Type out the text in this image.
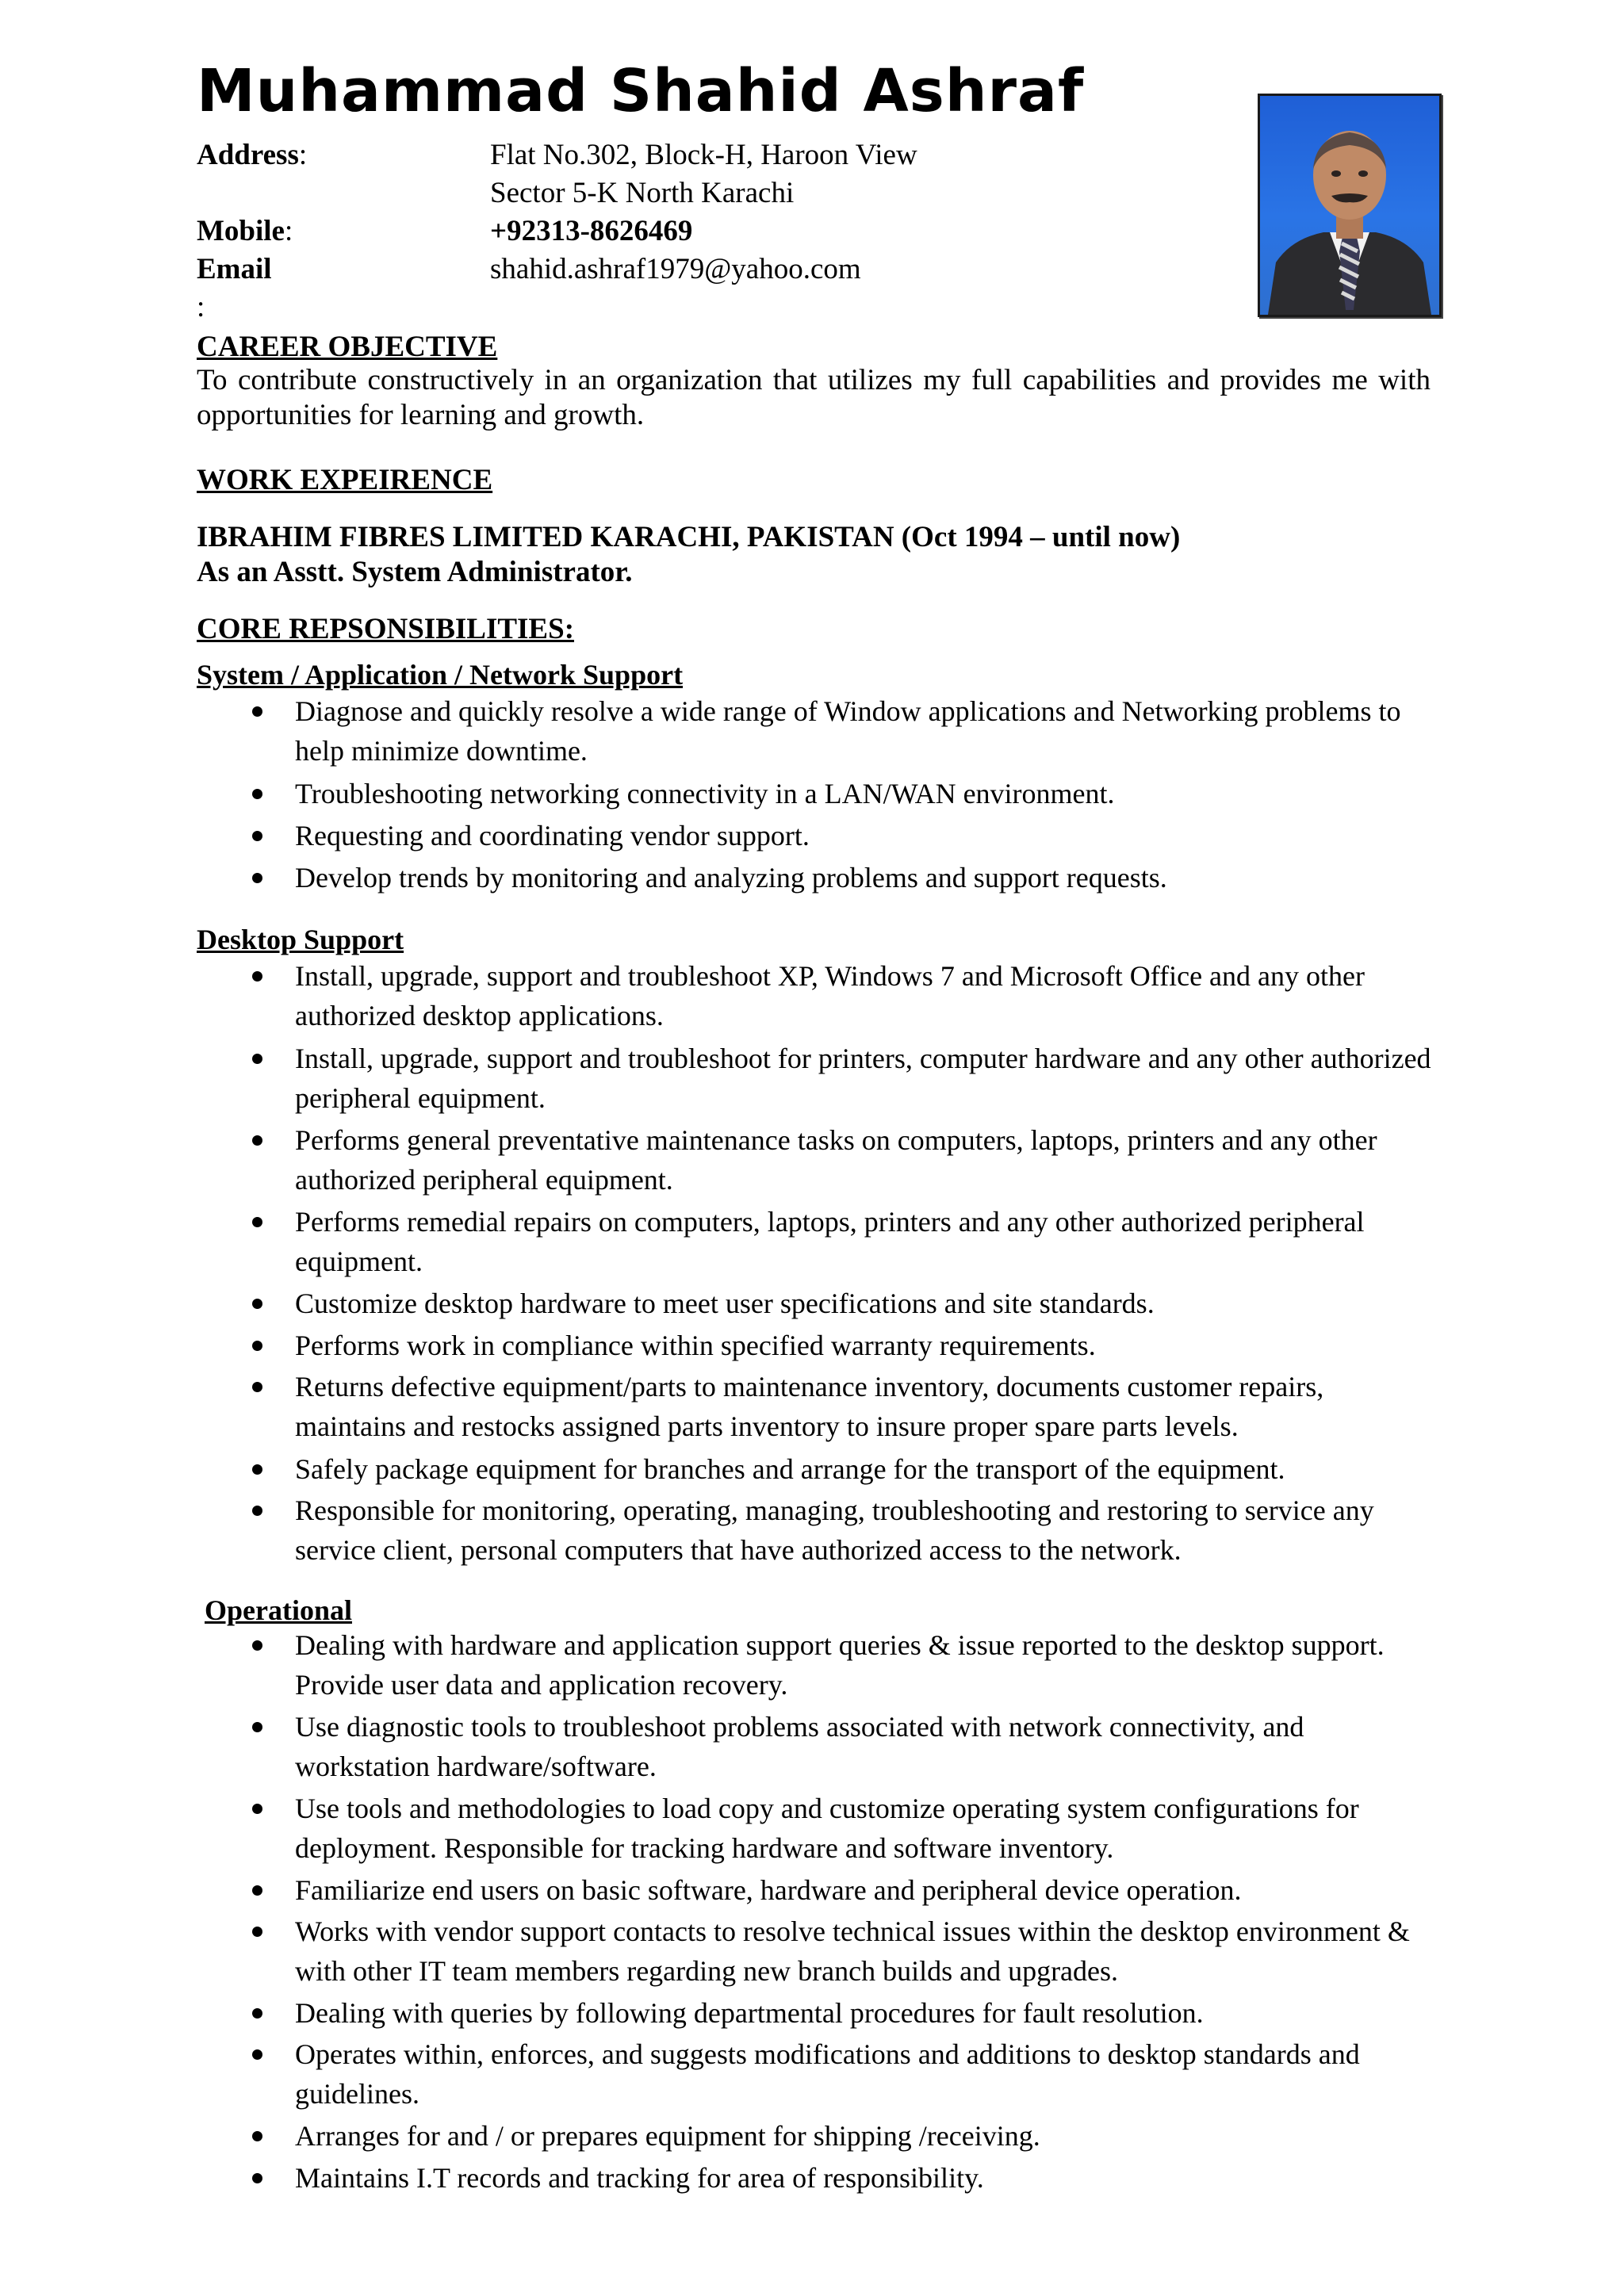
Muhammad Shahid Ashraf
Address:	Flat No.302, Block-H, Haroon View
Sector 5-K North Karachi
Mobile:	+92313-8626469
Email :
shahid.ashraf1979@yahoo.com
CAREER OBJECTIVE
To contribute constructively in an organization that utilizes my full capabilities and provides me with opportunities for learning and growth.
WORK EXPEIRENCE
IBRAHIM FIBRES LIMITED KARACHI, PAKISTAN (Oct 1994 – until now)
As an Asstt. System Administrator.
CORE REPSONSIBILITIES:
System / Application / Network Support
Diagnose and quickly resolve a wide range of Window applications and Networking problems to help minimize downtime.
Troubleshooting networking connectivity in a LAN/WAN environment.
Requesting and coordinating vendor support.
Develop trends by monitoring and analyzing problems and support requests.
Desktop Support
Install, upgrade, support and troubleshoot XP, Windows 7 and Microsoft Office and any other authorized desktop applications.
Install, upgrade, support and troubleshoot for printers, computer hardware and any other authorized peripheral equipment.
Performs general preventative maintenance tasks on computers, laptops, printers and any other authorized peripheral equipment.
Performs remedial repairs on computers, laptops, printers and any other authorized peripheral equipment.
Customize desktop hardware to meet user specifications and site standards.
Performs work in compliance within specified warranty requirements.
Returns defective equipment/parts to maintenance inventory, documents customer repairs, maintains and restocks assigned parts inventory to insure proper spare parts levels.
Safely package equipment for branches and arrange for the transport of the equipment.
Responsible for monitoring, operating, managing, troubleshooting and restoring to service any service client, personal computers that have authorized access to the network.
Operational
Dealing with hardware and application support queries & issue reported to the desktop support. Provide user data and application recovery.
Use diagnostic tools to troubleshoot problems associated with network connectivity, and workstation hardware/software.
Use tools and methodologies to load copy and customize operating system configurations for deployment. Responsible for tracking hardware and software inventory.
Familiarize end users on basic software, hardware and peripheral device operation.
Works with vendor support contacts to resolve technical issues within the desktop environment & with other IT team members regarding new branch builds and upgrades.
Dealing with queries by following departmental procedures for fault resolution.
Operates within, enforces, and suggests modifications and additions to desktop standards and guidelines.
Arranges for and / or prepares equipment for shipping /receiving.
Maintains I.T records and tracking for area of responsibility.
